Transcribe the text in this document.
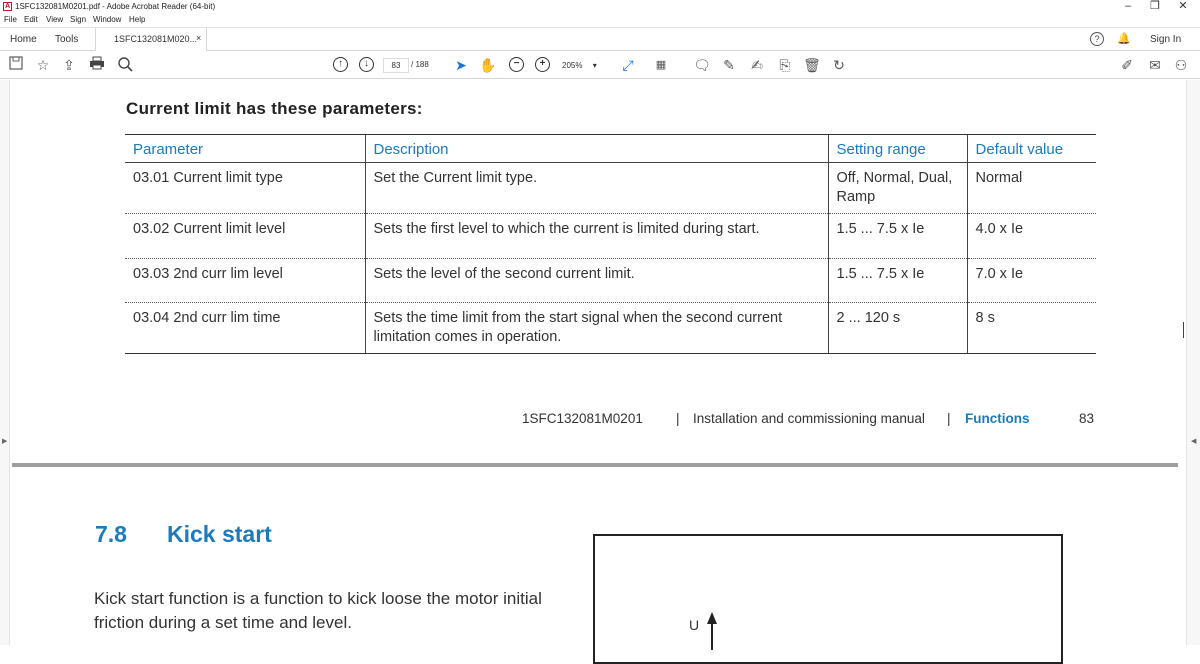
A 1SFC132081M0201.pdf - Adobe Acrobat Reader (64-bit)	–	❐	✕
File Edit View Sign Window Help
Home Tools	1SFC132081M020...
×	?	🔔 Sign In
☆ ⇪	↑	↓	83	/ 188 ➤ ✋	−	+	205% ▾	⤢	▦	🗨 ✎	✍	⎘ 🗑 ↻	✐ ✉ ⚇
▶	◀
Current limit has these parameters:
Parameter	Description	Setting range	Default value
03.01 Current limit type	Set the Current limit type.	Off, Normal, Dual, Ramp	Normal
03.02 Current limit level	Sets the first level to which the current is limited during start.	1.5 ... 7.5 x Ie	4.0 x Ie
03.03 2nd curr lim level	Sets the level of the second current limit.	1.5 ... 7.5 x Ie	7.0 x Ie
03.04 2nd curr lim time	Sets the time limit from the start signal when the second current limitation comes in operation.	2 ... 120 s	8 s
1SFC132081M0201 | Installation and commissioning manual | Functions	83
7.8 Kick start

Kick start function is a function to kick loose the motor initial friction during a set time and level.	U
